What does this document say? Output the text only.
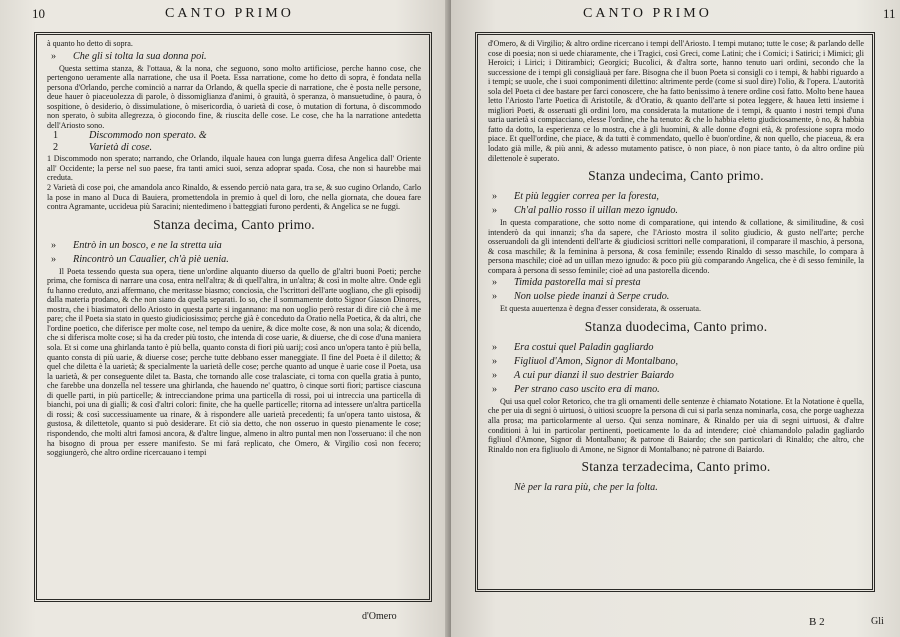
10	CANTO PRIMO

à quanto ho detto di sopra.

» Che gli si tolta la sua donna poi.

Questa settima stanza, & l'ottaua, & la nona, che seguono, sono molto artificiose, perche hanno cose, che pertengono ueramente alla narratione, che usa il Poeta. Essa narratione, come ho detto di sopra, è fondata nella persona d'Orlando, perche cominciò a narrar da Orlando, & quella specie di narratione, che è posta nelle persone, deue hauer ò piaceuolezza di parole, ò dissomiglianza d'animi, ò grauità, ò speranza, ò mansuetudine, ò paura, ò sospitione, ò desiderio, ò dissimulatione, ò misericordia, ò uarietà di cose, ò mutation di fortuna, ò discommodo non sperato, ò subita allegrezza, ò giocondo fine, & riuscita delle cose. Le cose, che ha la narratione antedetta dell'Ariosto sono.

1	Discommodo non sperato. &
2	Varietà di cose.

1 Discommodo non sperato; narrando, che Orlando, ilquale hauea con lunga guerra difesa Angelica dall' Oriente all' Occidente; la perse nel suo paese, fra tanti amici suoi, senza adoprar spada. Cosa, che non si haurebbe mai creduta.

2 Varietà di cose poi, che amandola anco Rinaldo, & essendo perciò nata gara, tra se, & suo cugino Orlando, Carlo la pose in mano al Duca di Bauiera, promettendola in premio à quel di loro, che nella giornata, che douea fare contra Agramante, uccideua più Saracini; nientedimeno i batteggiati furono perdenti, & Angelica se ne fuggi.

Stanza decima, Canto primo.
» Entrò in un bosco, e ne la stretta uia
» Rincontrò un Caualier, ch'à piè uenia.

Il Poeta tessendo questa sua opera, tiene un'ordine alquanto diuerso da quello de gl'altri buoni Poeti; perche prima, che fornisca di narrare una cosa, entra nell'altra; & di quell'altra, in un'altra; & così in molte altre. Onde egli fu hanno creduto, anzi affermano, che meritasse biasmo; conciosia, che l'scrittori dell'arte uogliano, che gli episodij dalla materia prodano, & che non siano da quella separati. Io so, che il sommamente dotto Signor Giason Dinores, mostra, che i biasimatori dello Ariosto in questa parte si ingannano: ma non uoglio però restar di dire ciò che à me pare; che il Poeta sia stato in questo giudiciosissimo; perche già è conceduto da Oratio nella Poetica, & da altri, che l'ordine poetico, che diferisce per molte cose, nel tempo da uenire, & dice molte cose, & non una sola; & dicendo, che si diferisca molte cose; si ha da creder più tosto, che intenda di cose uarie, & diuerse, che di cose d'una maniera sola. Et si come una ghirlanda tanto è più bella, quanto consta di fiori più uarij; così anco un'opera tanto è più bella, quanto consta di più uarie, & diuerse cose; perche tutte debbano esser maneggiate. Il fine del Poeta è il diletto; & quel che diletta è la uarietà; & specialmente la uarietà delle cose; perche quanto ad unque è uarie cose il Poeta, usa la uarietà, & per conseguente dilet ta. Basta, che tornando alle cose tralasciate, ci torna con quella gratia à punto, che farebbe una donzella nel tessere una ghirlanda, che hauendo ne' quattro, ò cinque sorti fiori; partisce ciascuna di quelle parti, in più particelle; & intrecciandone prima una particella di rossi, poi ui intreccia una particella di bianchi, poi una di gialli; & così d'altri colori: finite, che ha quelle particelle; ritorna ad intessere un'altra particella di rossi; & così successiuamente ua rinare, & à rispondere alle uarietà precedenti; fa un'opera tanto uistosa, & gustosa, & dilettetole, quanto si può desiderare. Et ciò sia detto, che non osseruo in questo pienamente le cose; rispondendo, che molti altri famosi ancora, & d'altre lingue, almeno in altro puntal men non l'osseruano: il che non ha bisogno di proua per essere manifesto. Se mi fará replicato, che Omero, & Virgilio così non fecero; soggiungerò, che altro ordine ricercauano i tempi

d'Omero
CANTO PRIMO	11

d'Omero, & di Virgilio; & altro ordine ricercano i tempi dell'Ariosto. I tempi mutano; tutte le cose; & parlando delle cose di poesia; non si uede chiaramente, che i Tragici, così Greci, come Latini; che i Comici; i Satirici; i Mimici; gli Heroici; i Lirici; i Ditirambici; Georgici; Bucolici, & d'altra sorte, hanno tenuto uari ordini, secondo che la successione de i tempi gli consigliauà per fare. Bisogna che il buon Poeta si consigli co i tempi, & habbi riguardo a i tempi; se uuole, che i suoi componimenti dilettino: altrimente perde (come si suol dire) l'olio, & l'opera. L'autorità sola del Poeta ci dee bastare per farci conoscere, che ha fatto benissimo à tenere ordine così fatto. Molto bene hauea letto l'Ariosto l'arte Poetica di Aristotile, & d'Oratio, & quanto dell'arte si potea leggere, & hauea letti insieme i migliori Poeti, & osseruati gli ordini loro, ma considerata la mutatione de i tempi, & quanto i nostri tempi d'una uaria uarietà si compiacciano, elesse l'ordine, che ha tenuto: & che lo habbia eletto giudiciosamente, ò no, & habbia fatto da dotto, la esperienza ce lo mostra, che à gli huomini, & alle donne d'ogni età, & professione sopra modo piace. Et quell'ordine, che piace, & da tutti è commendato, quello è buon'ordine, & non quello, che piaceua, & era lodato già mille, & più anni, & adesso mutamento patisce, ò non piace, ò non piace tanto, ò da altro ordine più dilettenole è superato.

Stanza undecima, Canto primo.
» Et più leggier correa per la foresta,
» Ch'al pallio rosso il uillan mezo ignudo.

In questa comparatione, che sotto nome di comparatione, qui intendo & collatione, & similitudine, & così intenderò da qui innanzi; s'ha da sapere, che l'Ariosto mostra il solito giudicio, & gusto nell'arte; perche osseruandoli da gli intendenti dell'arte & giudiciosi scrittori nelle comparationi, il comparare il maschio, à persona, & cosa maschile; & la feminina à persona, & cosa feminile; essendo Rinaldo di sesso maschile, lo compara à persona maschile; cioè ad un uillan mezo ignudo: & poco più giù comparando Angelica, che è di sesso feminile, la compara à persona di sesso feminile; cioè ad una pastorella dicendo.

» Timida pastorella mai si presta
» Non uolse piede inanzi à Serpe crudo.

Et questa auuertenza è degna d'esser considerata, & osseruata.

Stanza duodecima, Canto primo.
» Era costui quel Paladin gagliardo
» Figliuol d'Amon, Signor di Montalbano,
» A cui pur dianzi il suo destrier Baiardo
» Per strano caso uscito era di mano.

Qui usa quel color Retorico, che tra gli ornamenti delle sentenze è chiamato Notatione. Et la Notatione è quella, che per uia di segni ò uirtuosi, ò uitiosi scuopre la persona di cui si parla senza nominarla, cosa, che porge uaghezza alla prosa; ma particolarmente al uerso. Qui senza nominare, & Rinaldo per uia di segni uirtuosi, & d'altre conditioni à lui in particolar pertinenti, poeticamente lo da ad intendere; cioè chiamandolo paladin gagliardo figliuol d'Amone, Signor di Montalbano; & patrone di Baiardo; che son particolari di Rinaldo; che altro, che Rinaldo non era figliuolo di Amone, ne Signor di Montalbano; nè patrone di Baiardo.

Stanza terzadecima, Canto primo.
Nè per la rara più, che per la folta.
B 2	Gli
